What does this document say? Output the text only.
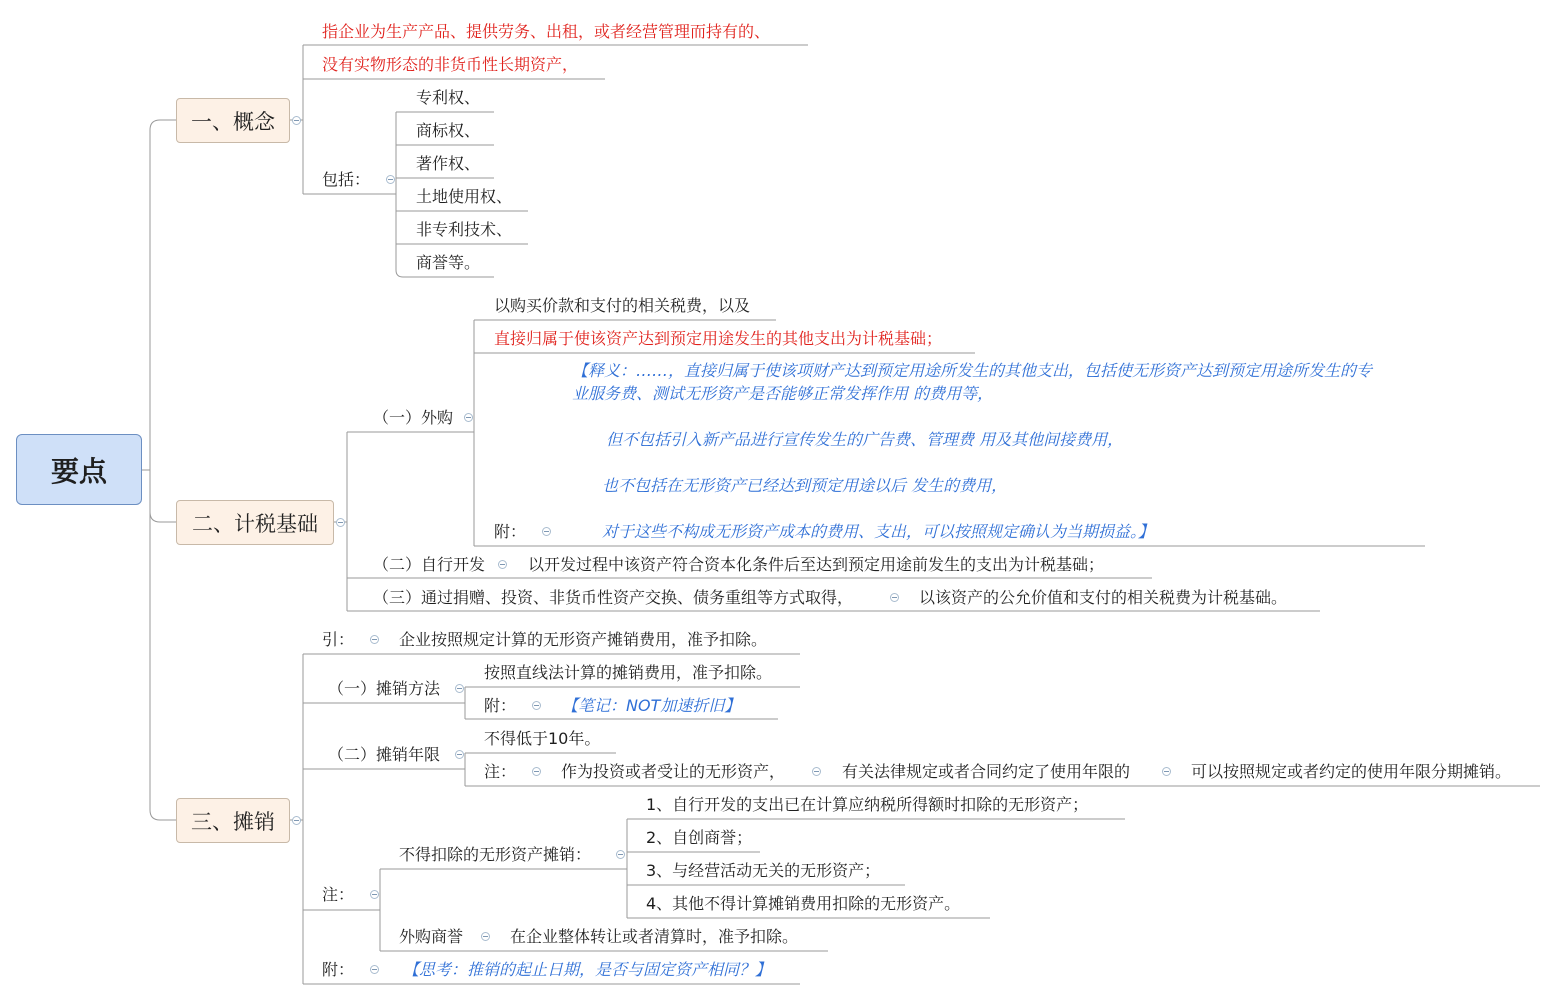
要点
一、概念
指企业为生产产品、提供劳务、出租，或者经营管理而持有的、
没有实物形态的非货币性长期资产，
包括：
专利权、
商标权、
著作权、
土地使用权、
非专利技术、
商誉等。
二、计税基础
（一）外购
以购买价款和支付的相关税费，以及
直接归属于使该资产达到预定用途发生的其他支出为计税基础；
附：
【释义：……，直接归属于使该项财产达到预定用途所发生的其他支出，包括使无形资产达到预定用途所发生的专
业服务费、测试无形资产是否能够正常发挥作用 的费用等，
但不包括引入新产品进行宣传发生的广告费、管理费 用及其他间接费用，
也不包括在无形资产已经达到预定用途以后 发生的费用，
对于这些不构成无形资产成本的费用、支出，可以按照规定确认为当期损益。】
（二）自行开发	以开发过程中该资产符合资本化条件后至达到预定用途前发生的支出为计税基础；
（三）通过捐赠、投资、非货币性资产交换、债务重组等方式取得，	以该资产的公允价值和支付的相关税费为计税基础。
三、摊销
引：	企业按照规定计算的无形资产摊销费用，准予扣除。
（一）摊销方法
按照直线法计算的摊销费用，准予扣除。
附：	【笔记：NOT加速折旧】
（二）摊销年限
不得低于10年。
注：	作为投资或者受让的无形资产，	有关法律规定或者合同约定了使用年限的	可以按照规定或者约定的使用年限分期摊销。
注：
不得扣除的无形资产摊销：
1、自行开发的支出已在计算应纳税所得额时扣除的无形资产；
2、自创商誉；
3、与经营活动无关的无形资产；
4、其他不得计算摊销费用扣除的无形资产。
外购商誉	在企业整体转让或者清算时，准予扣除。
附：	【思考：推销的起止日期，是否与固定资产相同？】
